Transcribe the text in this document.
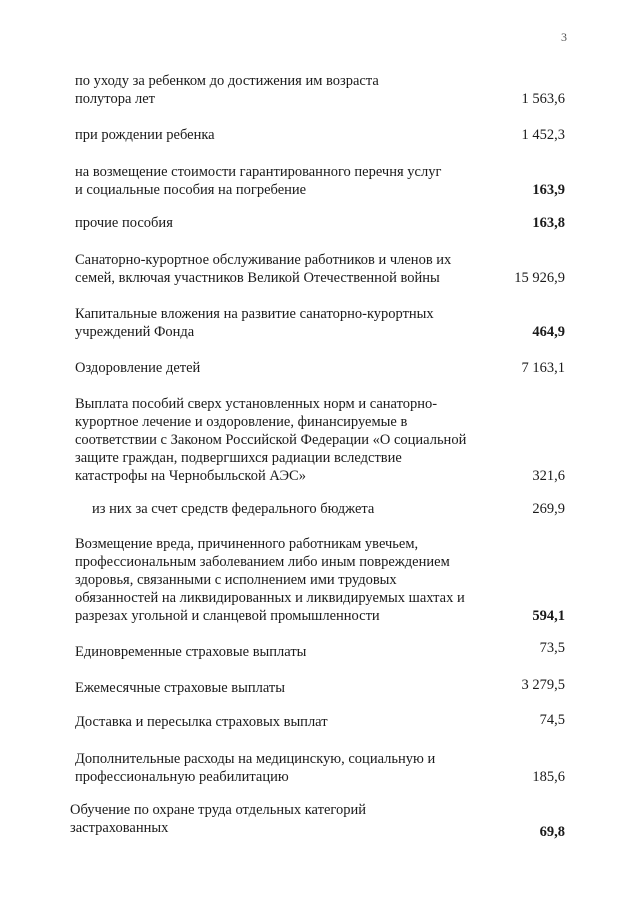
3
по уходу за ребенком до достижения им возраста
полутора лет	1 563,6
при рождении ребенка	1 452,3
на возмещение стоимости гарантированного перечня услуг
и социальные пособия на погребение	163,9
прочие пособия	163,8
Санаторно-курортное обслуживание работников и членов их
семей, включая участников Великой Отечественной войны	15 926,9
Капитальные вложения на развитие санаторно-курортных
учреждений Фонда	464,9
Оздоровление детей	7 163,1
Выплата пособий сверх установленных норм и санаторно-
курортное лечение и оздоровление, финансируемые в
соответствии с Законом Российской Федерации «О социальной
защите граждан, подвергшихся радиации вследствие
катастрофы на Чернобыльской АЭС»	321,6
из них за счет средств федерального бюджета	269,9
Возмещение вреда, причиненного работникам увечьем,
профессиональным заболеванием либо иным повреждением
здоровья, связанными с исполнением ими трудовых
обязанностей на ликвидированных и ликвидируемых шахтах и
разрезах угольной и сланцевой промышленности	594,1
Единовременные страховые выплаты	73,5
Ежемесячные страховые выплаты	3 279,5
Доставка и пересылка страховых выплат	74,5
Дополнительные расходы на медицинскую, социальную и
профессиональную реабилитацию	185,6
Обучение по охране труда отдельных категорий
застрахованных	69,8
